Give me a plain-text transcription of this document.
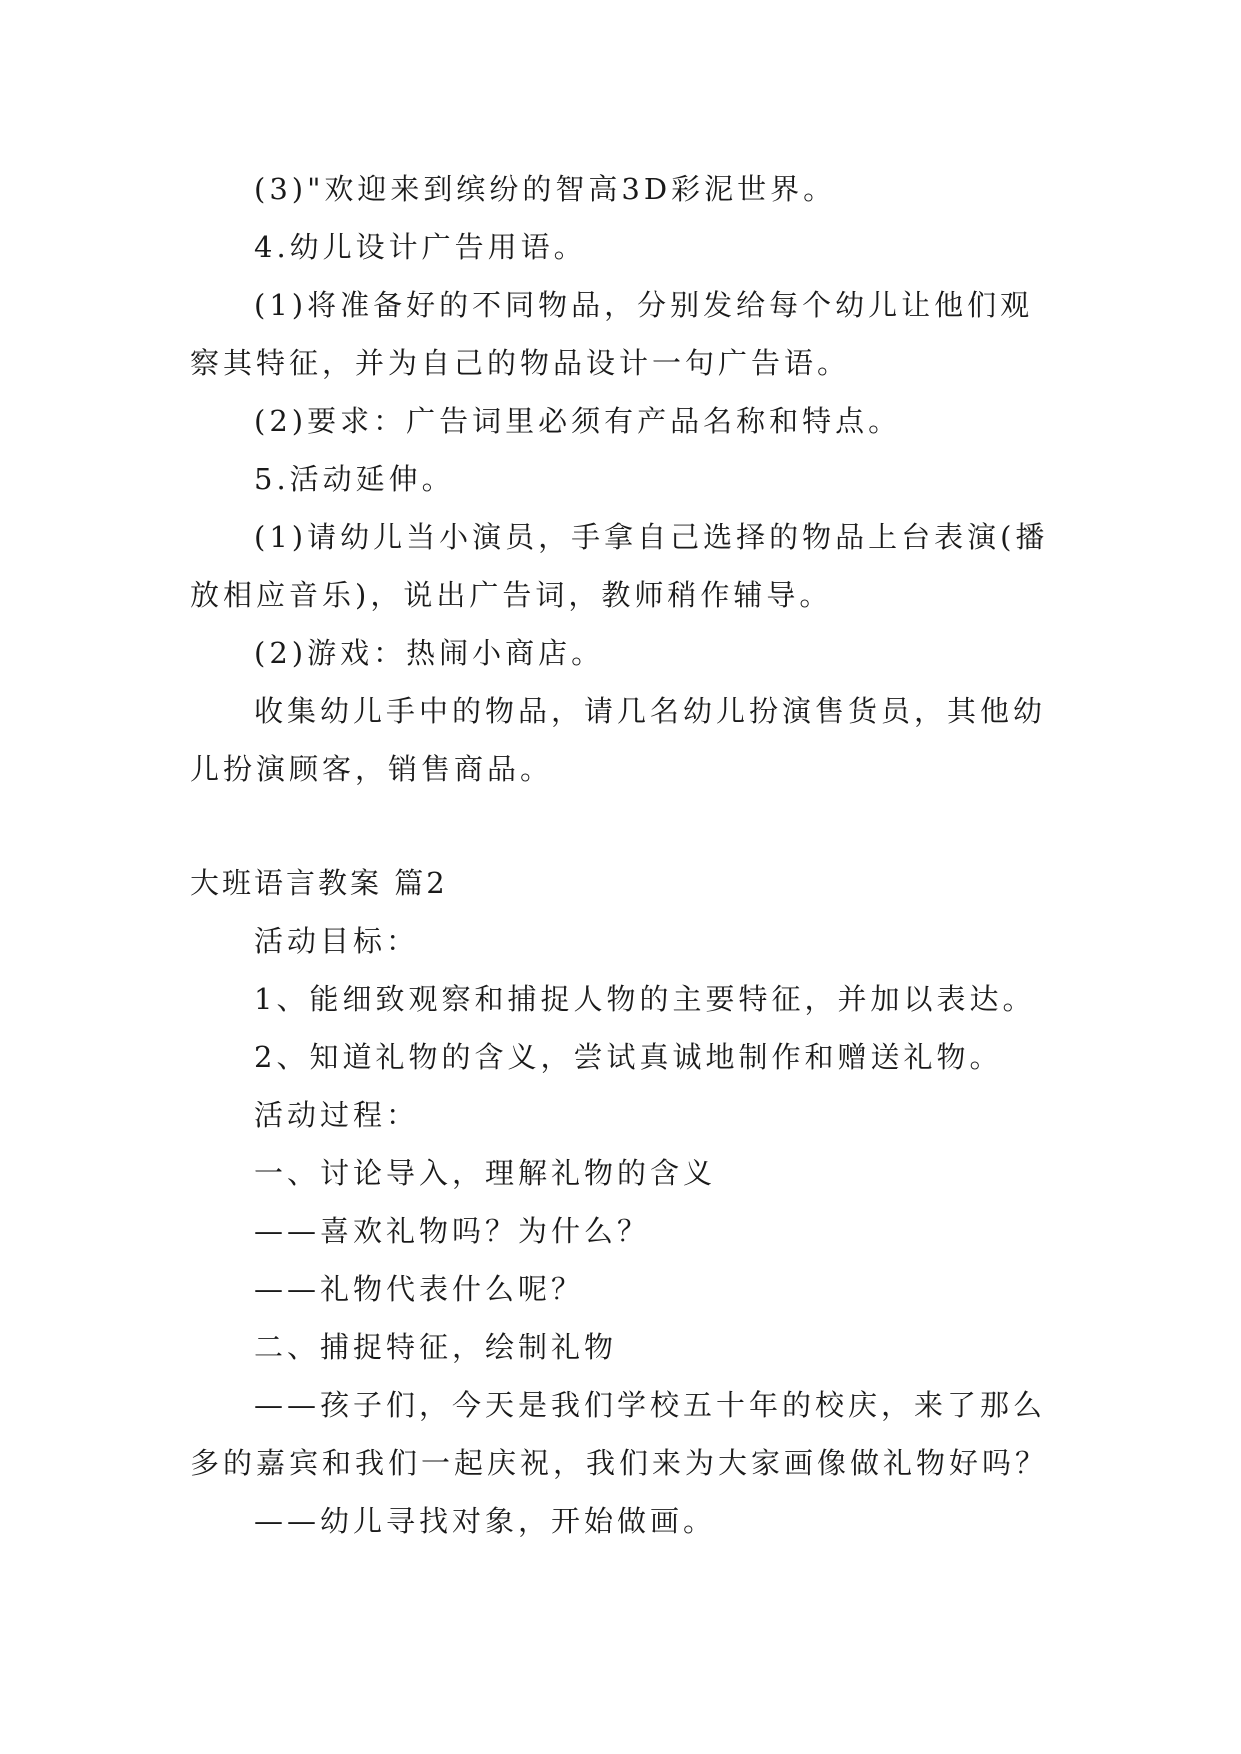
(3)"欢迎来到缤纷的智高3D彩泥世界。

4.幼儿设计广告用语。

(1)将准备好的不同物品，分别发给每个幼儿让他们观

察其特征，并为自己的物品设计一句广告语。

(2)要求：广告词里必须有产品名称和特点。

5.活动延伸。

(1)请幼儿当小演员，手拿自己选择的物品上台表演(播

放相应音乐)，说出广告词，教师稍作辅导。

(2)游戏：热闹小商店。

收集幼儿手中的物品，请几名幼儿扮演售货员，其他幼

儿扮演顾客，销售商品。

大班语言教案 篇2

活动目标：

1、能细致观察和捕捉人物的主要特征，并加以表达。

2、知道礼物的含义，尝试真诚地制作和赠送礼物。

活动过程：

一、讨论导入，理解礼物的含义

——喜欢礼物吗？为什么？

——礼物代表什么呢？

二、捕捉特征，绘制礼物

——孩子们，今天是我们学校五十年的校庆，来了那么

多的嘉宾和我们一起庆祝，我们来为大家画像做礼物好吗？

——幼儿寻找对象，开始做画。
